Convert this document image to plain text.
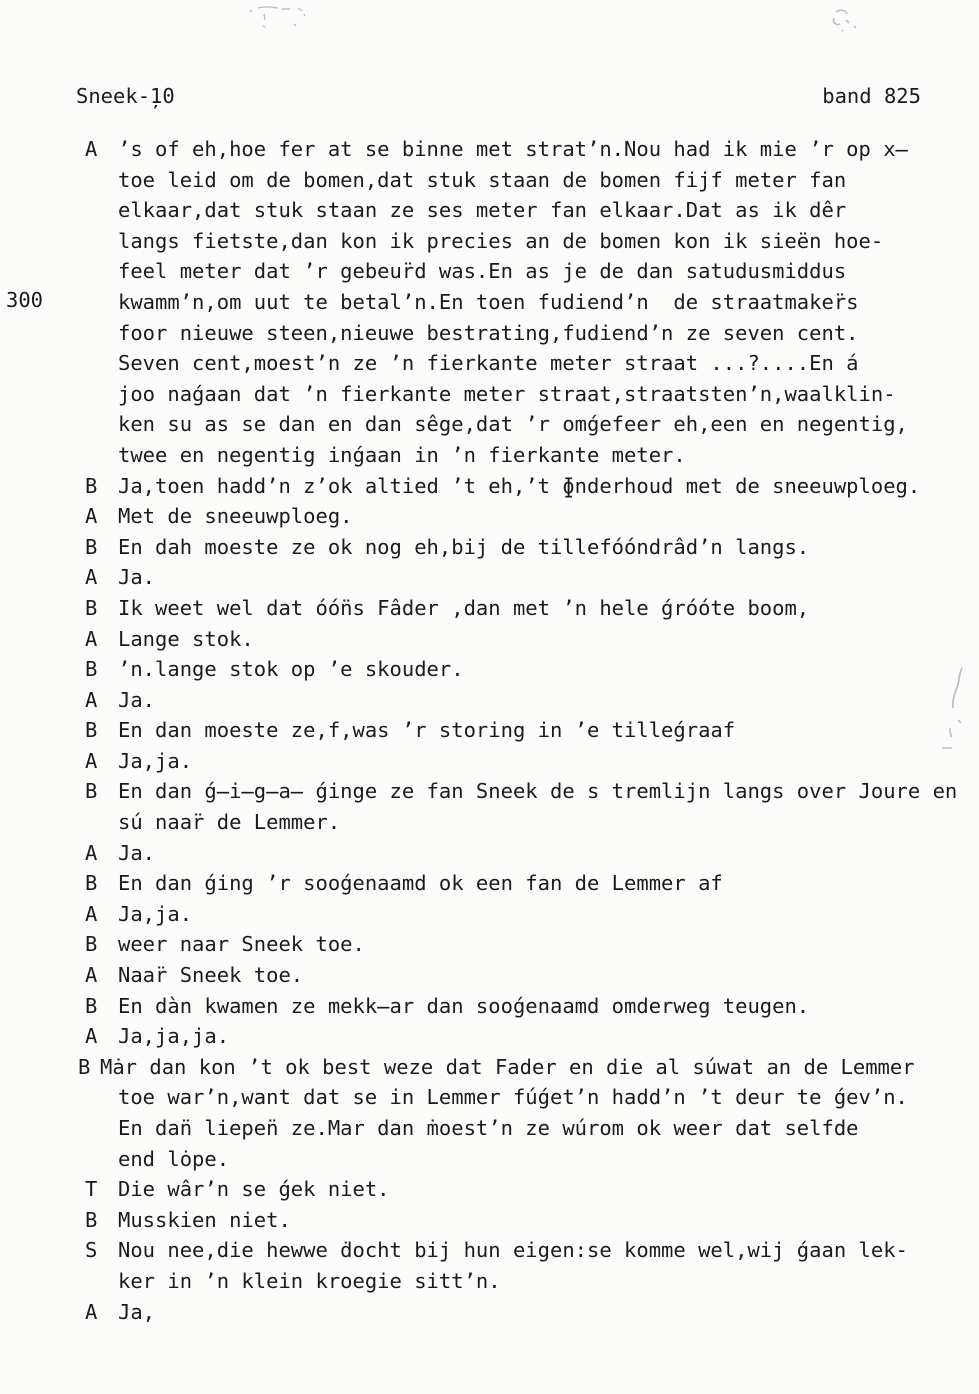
Sneek-̦10	band 825
300
A	’s of eh,hoe fer at se binne met strat’n.Nou had ik mie ’r op x̶
toe leid om de bomen,dat stuk staan de bomen fijf meter fan
elkaar,dat stuk staan ze ses meter fan elkaar.Dat as ik dêr
langs fietste,dan kon ik precies an de bomen kon ik sieën hoe-
feel meter dat ’r gebeur̈d was.En as je de dan satudusmiddus
kwamm’n,om uut te betal’n.En toen fudiend’n  de straatmaker̈s
foor nieuwe steen,nieuwe bestrating,fudiend’n ze seven cent.
Seven cent,moest’n ze ’n fierkante meter straat ...?....En á
joo naǵaan dat ’n fierkante meter straat,straatsten’n,waalklin-
ken su as se dan en dan sêge,dat ’r omǵefeer eh,een en negentig,
twee en negentig inǵaan in ’n fierkante meter.
B	Ja,toen hadd’n z’ok altied ’t eh,’t ɸnderhoud met de sneeuwploeg.
A	Met de sneeuwploeg.
B	En dah moeste ze ok nog eh,bij de tillefóóndrâd’n langs.
A	Ja.
B	Ik weet wel dat óón̈s Fâder ,dan met ’n hele ǵróóte boom,
A	Lange stok.
B	’n.lange stok op ’e skouder.
A	Ja.
B	En dan moeste ze,f,was ’r storing in ’e tilleǵraaf
A	Ja,ja.
B	En dan ǵ̶i̶g̶a̶ ǵinge ze fan Sneek de s tremlijn langs over Joure en
sú naar̈ de Lemmer.
A	Ja.
B	En dan ǵing ’r sooǵenaamd ok een fan de Lemmer af
A	Ja,ja.
B	weer naar Sneek toe.
A	Naar̈ Sneek toe.
B	En dàn kwamen ze mekk̶ar dan sooǵenaamd omderweg teugen.
A	Ja,ja,ja.
B Mȧr dan kon ’t ok best weze dat Fader en die al súwat an de Lemmer
toe war’n,want dat se in Lemmer fúǵet’n hadd’n ’t deur te ǵev’n.
En dan̈ liepen̈ ze.Mar dan ṁoest’n ze wúrom ok weer dat selfde
end lȯpe.
T	Die wâr’n se ǵek niet.
B	Musskien niet.
S	Nou nee,die hewwe ḋocht bij hun eigen:se komme wel,wij ǵaan lek-
ker in ’n klein kroegie sitt’n.
A	Ja,
